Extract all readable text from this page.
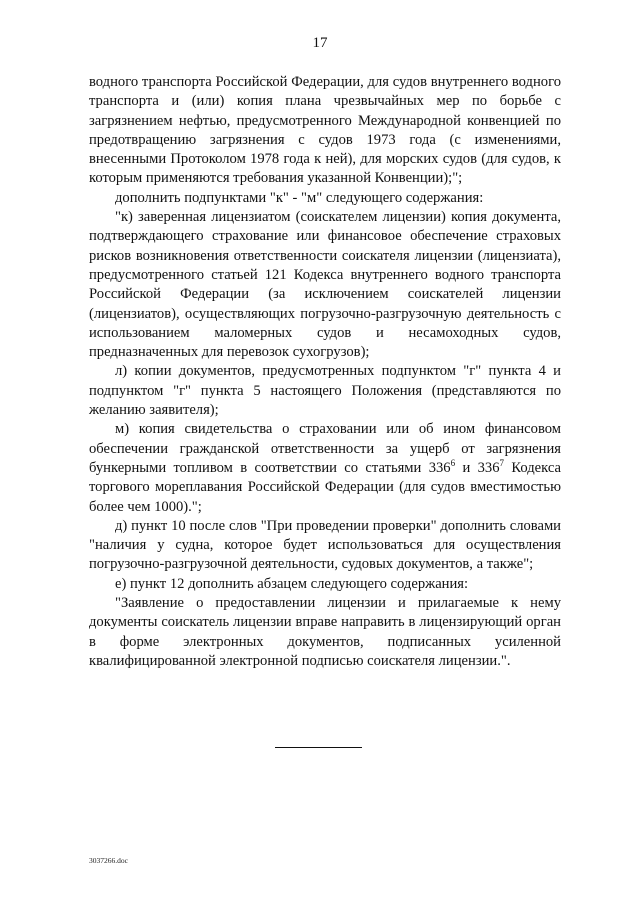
17

водного транспорта Российской Федерации, для судов внутреннего водного транспорта и (или) копия плана чрезвычайных мер по борьбе с загрязнением нефтью, предусмотренного Международной конвенцией по предотвращению загрязнения с судов 1973 года (с изменениями, внесенными Протоколом 1978 года к ней), для морских судов (для судов, к которым применяются требования указанной Конвенции);";

дополнить подпунктами "к" - "м" следующего содержания:

"к) заверенная лицензиатом (соискателем лицензии) копия документа, подтверждающего страхование или финансовое обеспечение страховых рисков возникновения ответственности соискателя лицензии (лицензиата), предусмотренного статьей 121 Кодекса внутреннего водного транспорта Российской Федерации (за исключением соискателей лицензии (лицензиатов), осуществляющих погрузочно-разгрузочную деятельность с использованием маломерных судов и несамоходных судов, предназначенных для перевозок сухогрузов);

л) копии документов, предусмотренных подпунктом "г" пункта 4 и подпунктом "г" пункта 5 настоящего Положения (представляются по желанию заявителя);

м) копия свидетельства о страховании или об ином финансовом обеспечении гражданской ответственности за ущерб от загрязнения бункерными топливом в соответствии со статьями $336^6$ и $336^7$ Кодекса торгового мореплавания Российской Федерации (для судов вместимостью более чем 1000).";

д) пункт 10 после слов "При проведении проверки" дополнить словами "наличия у судна, которое будет использоваться для осуществления погрузочно-разгрузочной деятельности, судовых документов, а также";

е) пункт 12 дополнить абзацем следующего содержания:

"Заявление о предоставлении лицензии и прилагаемые к нему документы соискатель лицензии вправе направить в лицензирующий орган в форме электронных документов, подписанных усиленной квалифицированной электронной подписью соискателя лицензии.".

3037266.doc
